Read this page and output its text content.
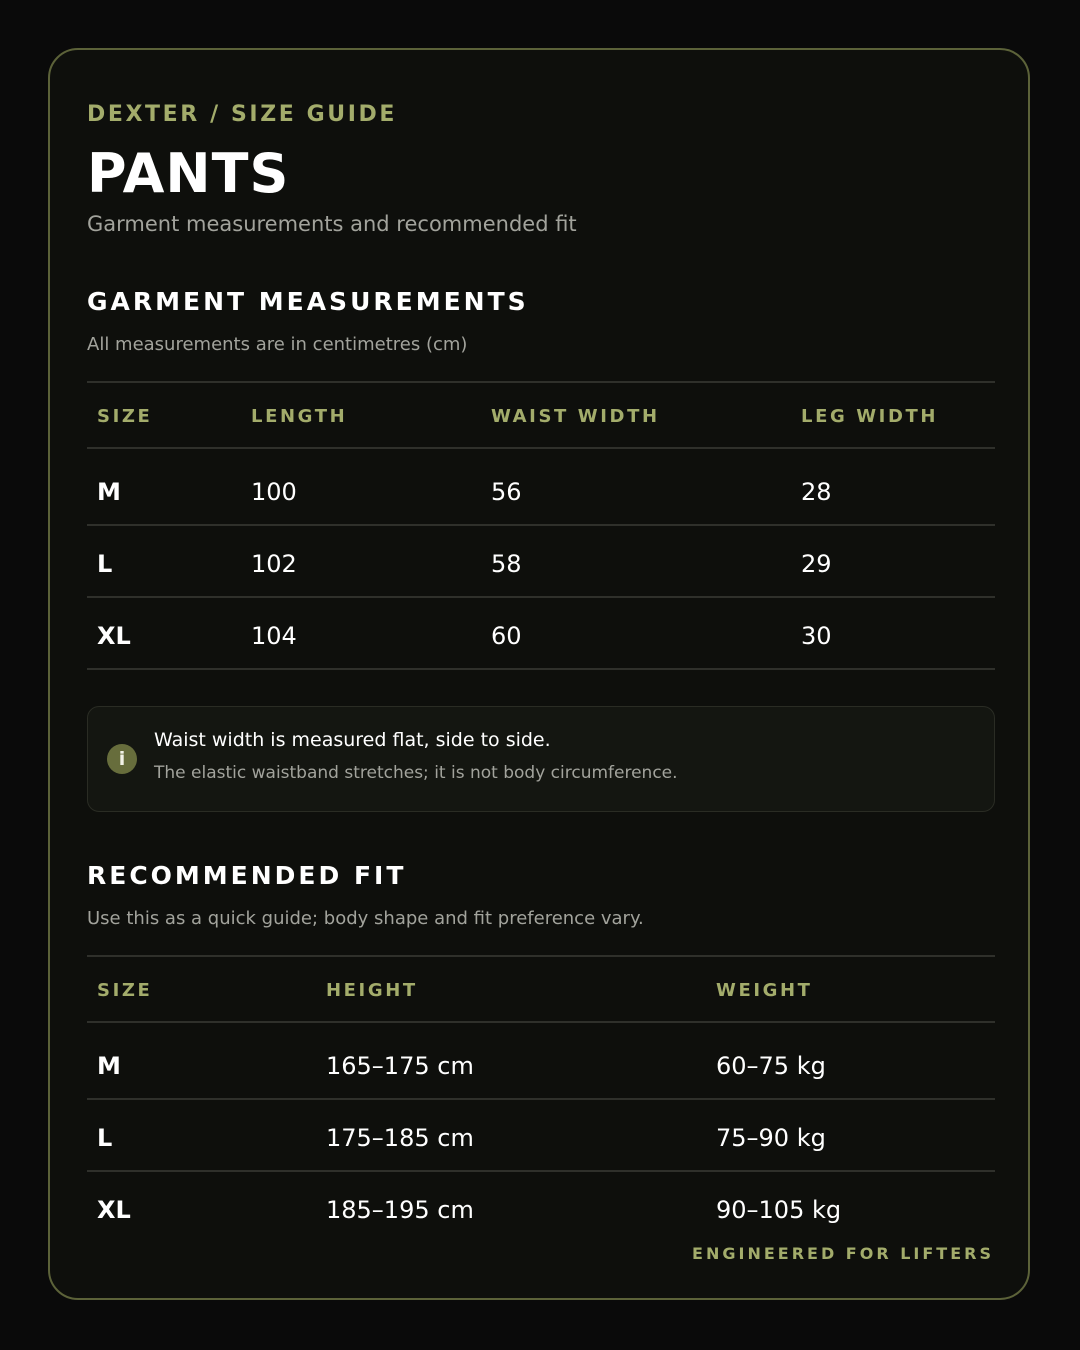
DEXTER / SIZE GUIDE
PANTS
Garment measurements and recommended fit
GARMENT MEASUREMENTS
All measurements are in centimetres (cm)
SIZE	LENGTH	WAIST WIDTH	LEG WIDTH
M	100	56	28
L	102	58	29
XL	104	60	30
i
Waist width is measured flat, side to side.
The elastic waistband stretches; it is not body circumference.
RECOMMENDED FIT
Use this as a quick guide; body shape and fit preference vary.
SIZE	HEIGHT	WEIGHT
M	165–175 cm	60–75 kg
L	175–185 cm	75–90 kg
XL	185–195 cm	90–105 kg
ENGINEERED FOR LIFTERS
